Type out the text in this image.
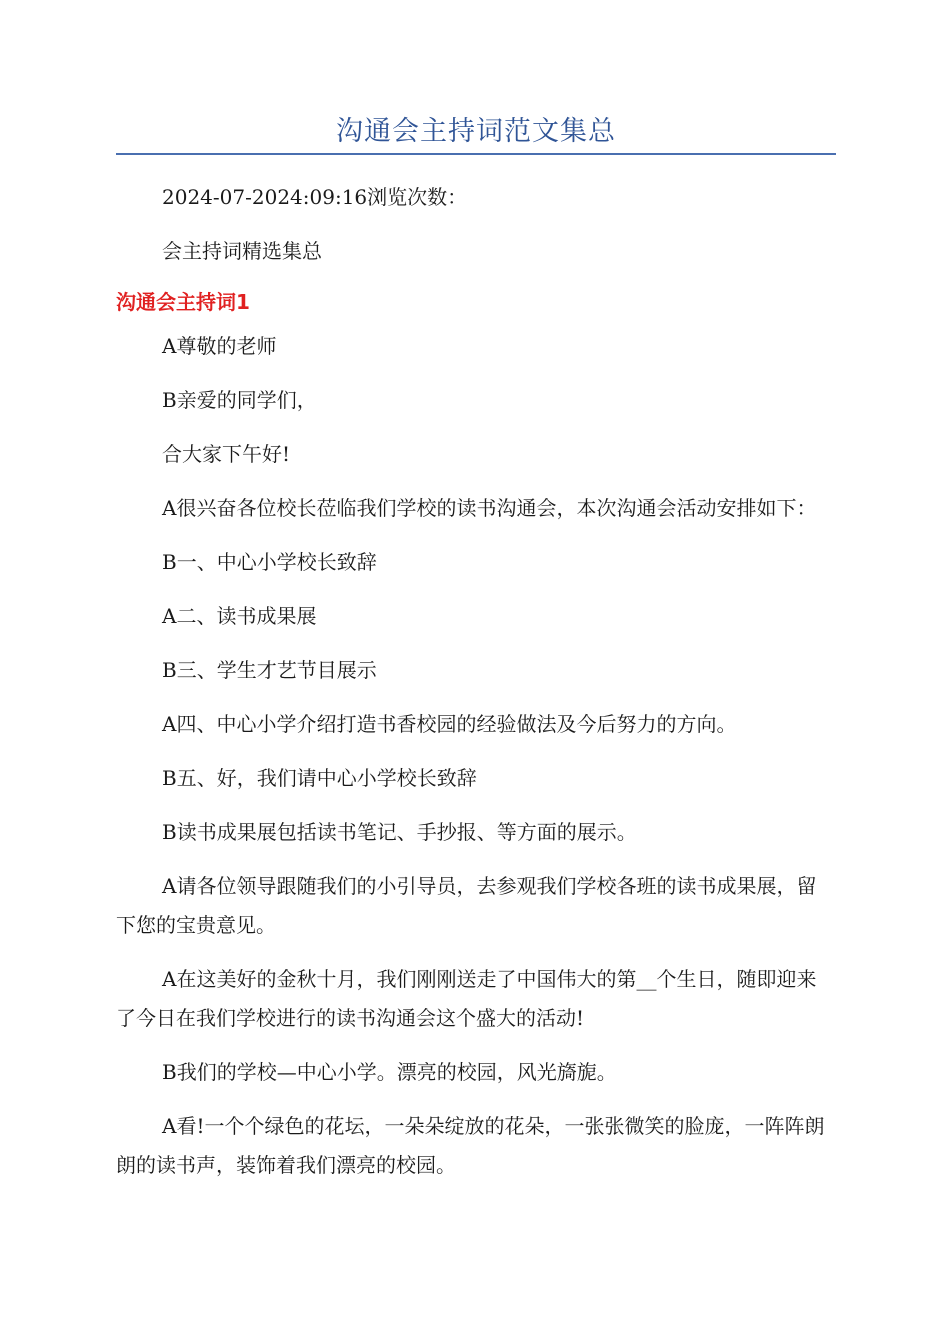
沟通会主持词范文集总

2024-07-2024:09:16浏览次数：

会主持词精选集总

沟通会主持词1

A尊敬的老师

B亲爱的同学们，

合大家下午好!

A很兴奋各位校长莅临我们学校的读书沟通会，本次沟通会活动安排如下：

B一、中心小学校长致辞

A二、读书成果展

B三、学生才艺节目展示

A四、中心小学介绍打造书香校园的经验做法及今后努力的方向。

B五、好，我们请中心小学校长致辞

B读书成果展包括读书笔记、手抄报、等方面的展示。

A请各位领导跟随我们的小引导员，去参观我们学校各班的读书成果展，留下您的宝贵意见。

A在这美好的金秋十月，我们刚刚送走了中国伟大的第__个生日，随即迎来了今日在我们学校进行的读书沟通会这个盛大的活动!

B我们的学校—中心小学。漂亮的校园，风光旖旎。

A看!一个个绿色的花坛，一朵朵绽放的花朵，一张张微笑的脸庞，一阵阵朗朗的读书声，装饰着我们漂亮的校园。
